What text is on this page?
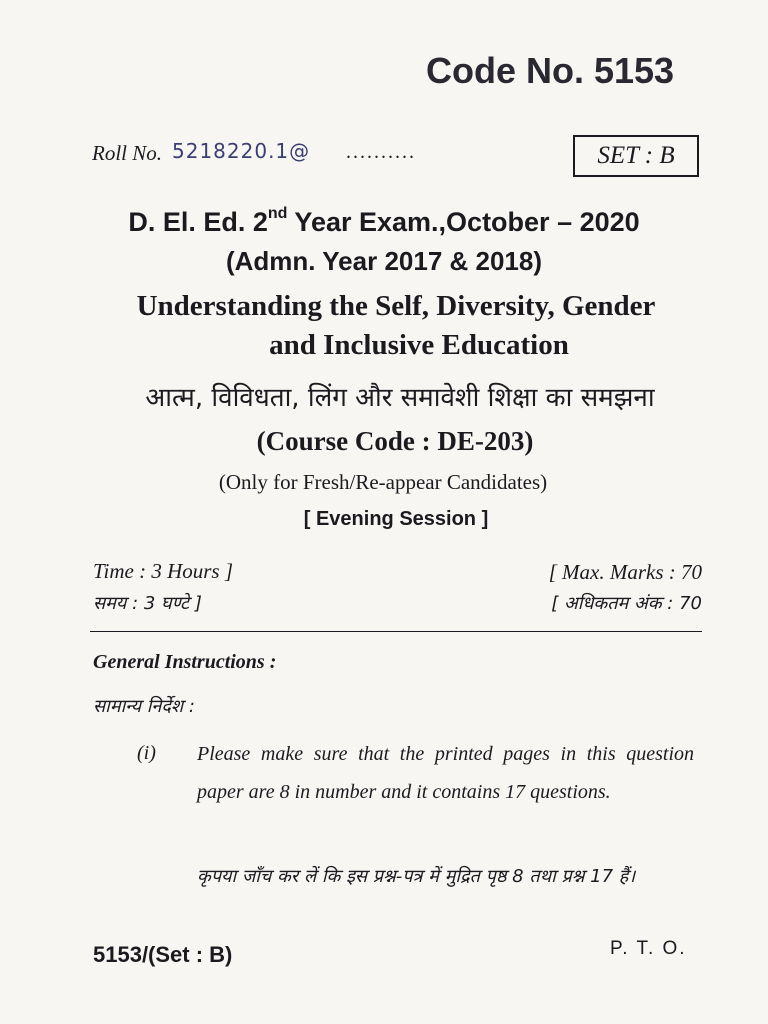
Code No. 5153
Roll No. 5218220.1@ ..........	SET : B
D. El. Ed. 2nd Year Exam.,October – 2020
(Admn. Year 2017 & 2018)
Understanding the Self, Diversity, Gender
and Inclusive Education
आत्म, विविधता, लिंग और समावेशी शिक्षा का समझना
(Course Code : DE-203)
(Only for Fresh/Re-appear Candidates)
[ Evening Session ]
Time : 3 Hours ]
समय : 3 घण्टे ]
[ Max. Marks : 70
[ अधिकतम अंक : 70
General Instructions :
सामान्य निर्देश :
(i) Please make sure that the printed pages in this question paper are 8 in number and it contains 17 questions.
कृपया जाँच कर लें कि इस प्रश्न-पत्र में मुद्रित पृष्ठ 8 तथा प्रश्न 17 हैं।
5153/(Set : B)	P. T. O.
